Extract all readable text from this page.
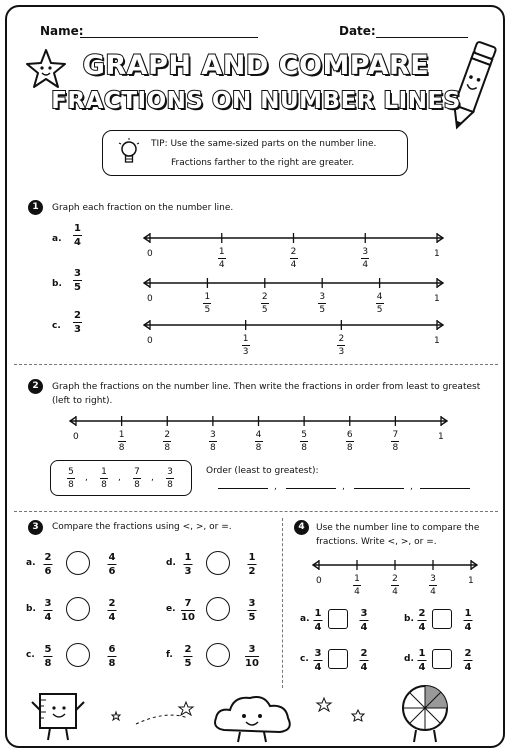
Name:	Date:
GRAPH AND COMPARE
FRACTIONS ON NUMBER LINES
TIP: Use the same-sized parts on the number line.
Fractions farther to the right are greater.
1	Graph each fraction on the number line.
a.
1
4
0	1
1
4
2
4
3
4
b.
3
5
0	1
1
5
2
5
3
5
4
5
c.
2
3
0	1
1
3
2
3
2	Graph the fractions on the number line. Then write the fractions in order from least to greatest (left to right).
0	1
1
8
2
8
3
8
4
8
5
8
6
8
7
8
5
8
,
1
8
,
7
8
,
3
8
Order (least to greatest):
,	,	,
3	Compare the fractions using <, >, or =.
a. 2
6
4
6
d. 1
3
1
2
b. 3
4
2
4
e. 7
10
3
5
c. 5
8
6
8
f. 2
5
3
10
4	Use the number line to compare the fractions. Write <, >, or =.
0	1
1
4
2
4
3
4
a. 1
4
3
4
b. 2
4
1
4
c. 3
4
2
4
d. 1
4
2
4
